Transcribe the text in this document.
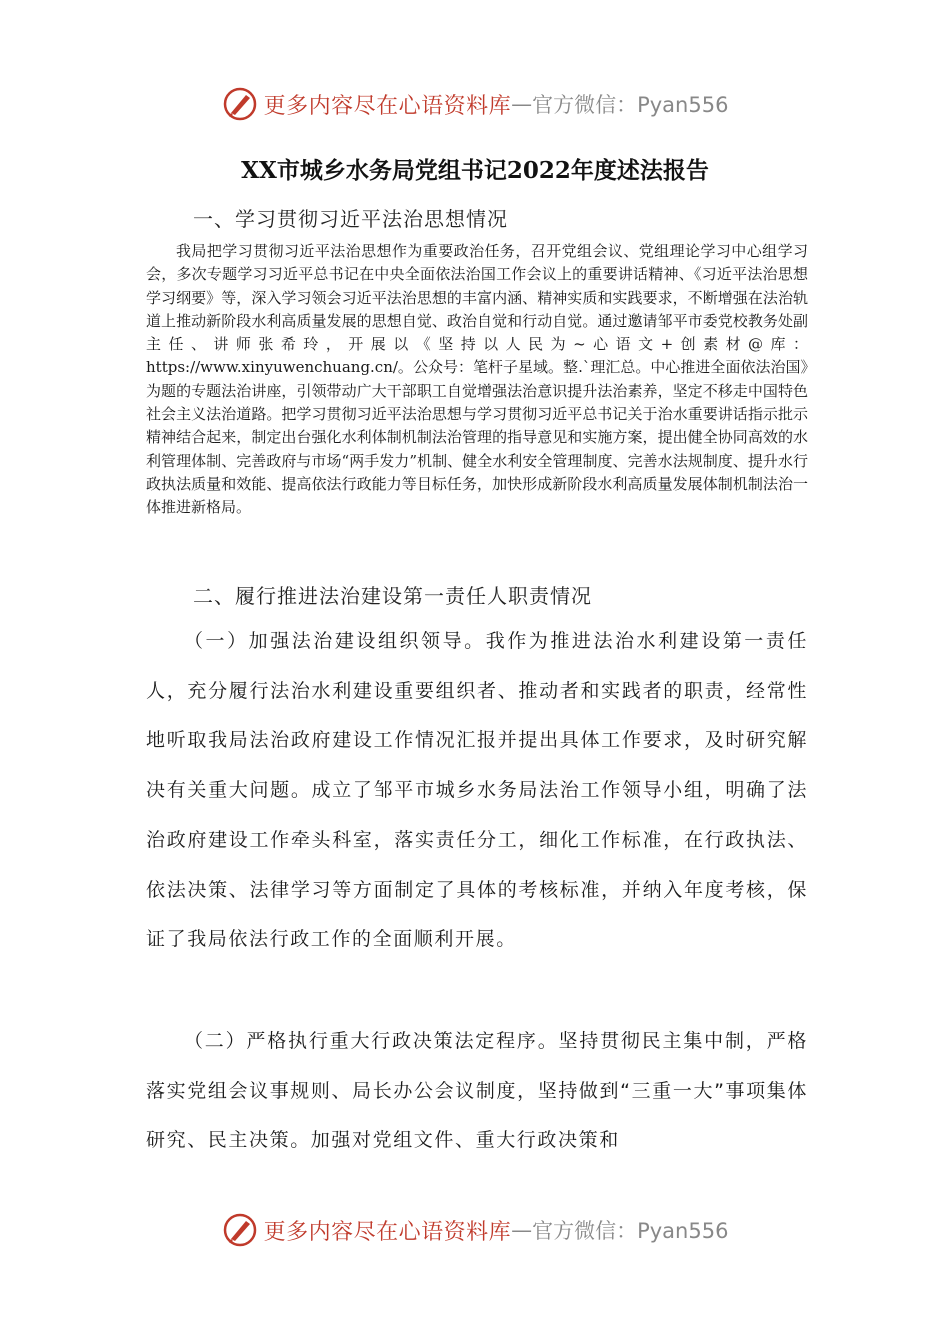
更多内容尽在心语资料库 — 官方微信：Pyan556
XX市城乡水务局党组书记2022年度述法报告
一、学习贯彻习近平法治思想情况
我局把学习贯彻习近平法治思想作为重要政治任务，召开党组会议、党组理论学习中心组学习会，多次专题学习习近平总书记在中央全面依法治国工作会议上的重要讲话精神、《习近平法治思想学习纲要》等，深入学习领会习近平法治思想的丰富内涵、精神实质和实践要求，不断增强在法治轨道上推动新阶段水利高质量发展的思想自觉、政治自觉和行动自觉。通过邀请邹平市委党校教务处副主任、讲师张希玲，开展以《坚持以人民为~心语文+创素材@库：https://www.xinyuwenchuang.cn/。公众号：笔杆子星域。整.`理汇总。中心推进全面依法治国》为题的专题法治讲座，引领带动广大干部职工自觉增强法治意识提升法治素养，坚定不移走中国特色社会主义法治道路。把学习贯彻习近平法治思想与学习贯彻习近平总书记关于治水重要讲话指示批示精神结合起来，制定出台强化水利体制机制法治管理的指导意见和实施方案，提出健全协同高效的水利管理体制、完善政府与市场“两手发力”机制、健全水利安全管理制度、完善水法规制度、提升水行政执法质量和效能、提高依法行政能力等目标任务，加快形成新阶段水利高质量发展体制机制法治一体推进新格局。
二、履行推进法治建设第一责任人职责情况
（一）加强法治建设组织领导。我作为推进法治水利建设第一责任人，充分履行法治水利建设重要组织者、推动者和实践者的职责，经常性地听取我局法治政府建设工作情况汇报并提出具体工作要求，及时研究解决有关重大问题。成立了邹平市城乡水务局法治工作领导小组，明确了法治政府建设工作牵头科室，落实责任分工，细化工作标准，在行政执法、依法决策、法律学习等方面制定了具体的考核标准，并纳入年度考核，保证了我局依法行政工作的全面顺利开展。
（二）严格执行重大行政决策法定程序。坚持贯彻民主集中制，严格落实党组会议事规则、局长办公会议制度，坚持做到“三重一大”事项集体研究、民主决策。加强对党组文件、重大行政决策和
更多内容尽在心语资料库 — 官方微信：Pyan556
